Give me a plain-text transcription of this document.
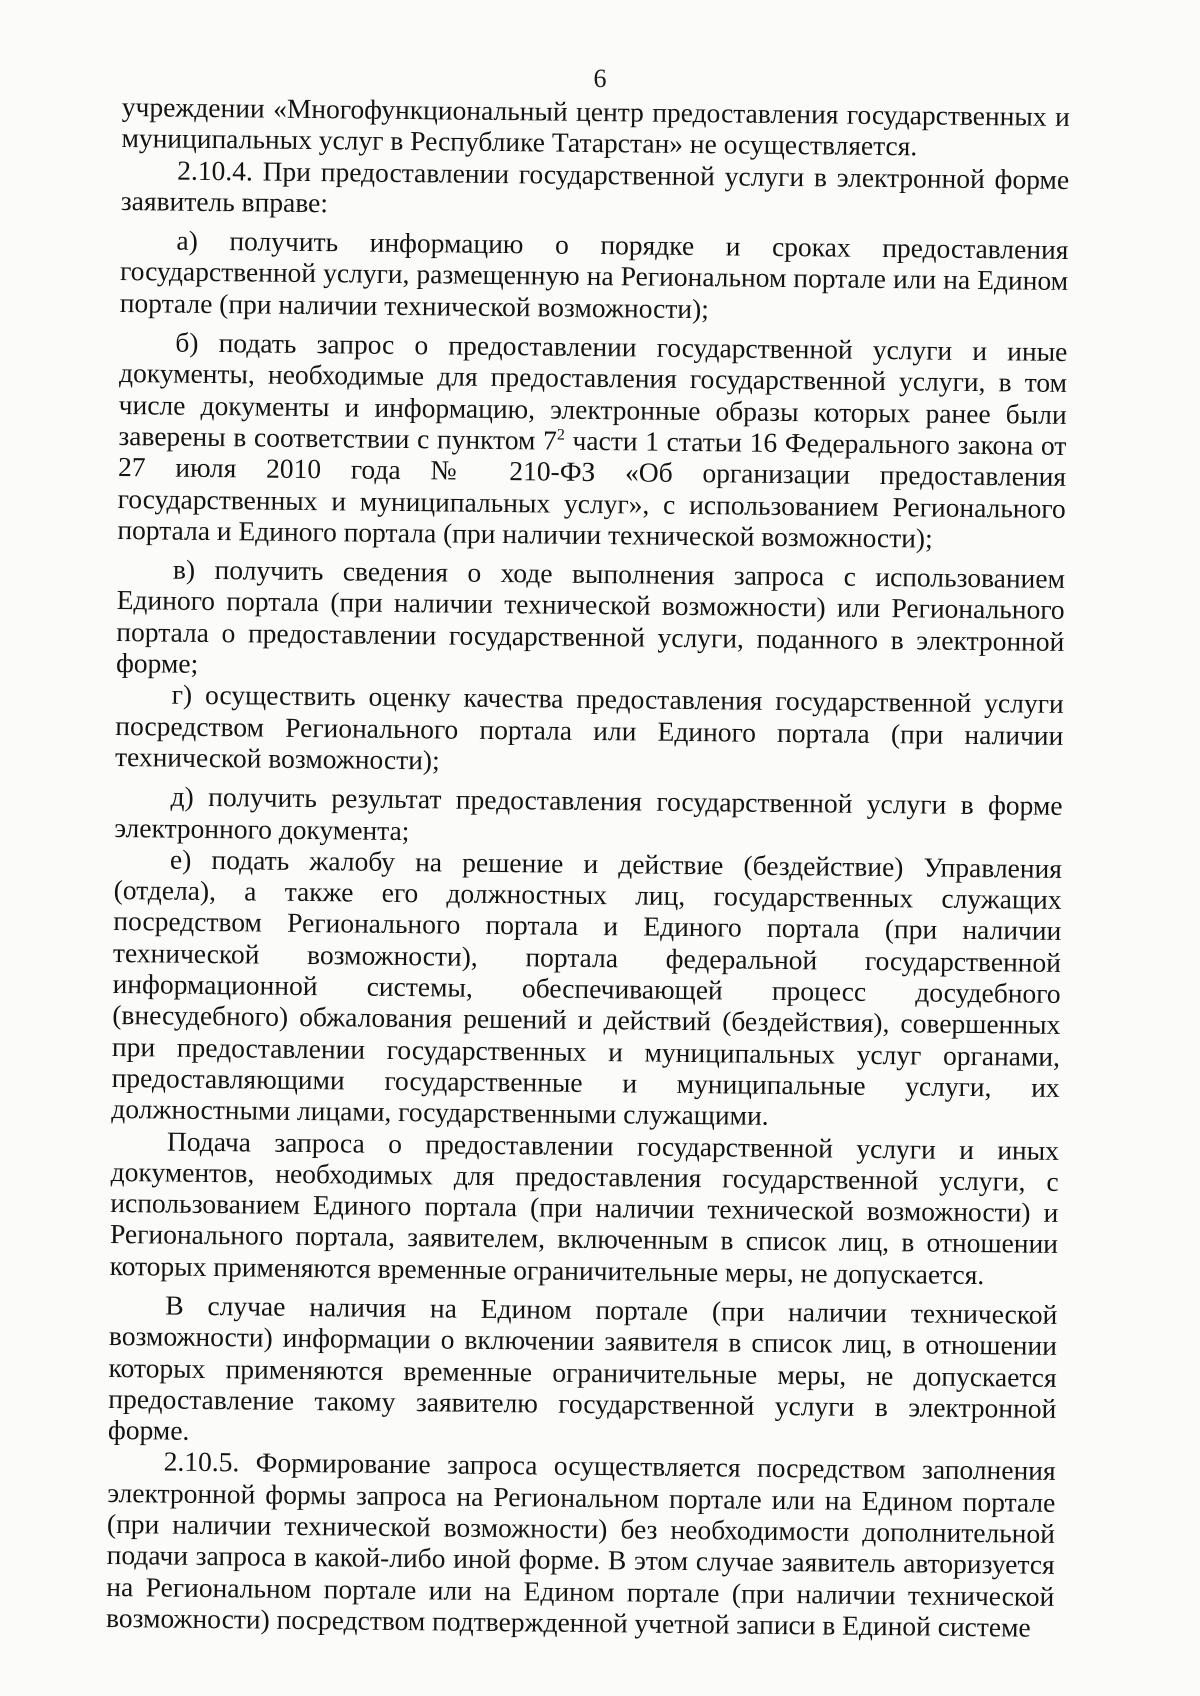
6

учреждении «Многофункциональный центр предоставления государственных и муниципальных услуг в Республике Татарстан» не осуществляется.

2.10.4. При предоставлении государственной услуги в электронной форме заявитель вправе:

а) получить информацию о порядке и сроках предоставления государственной услуги, размещенную на Региональном портале или на Едином портале (при наличии технической возможности);

б) подать запрос о предоставлении государственной услуги и иные документы, необходимые для предоставления государственной услуги, в том числе документы и информацию, электронные образы которых ранее были заверены в соответствии с пунктом $7^2$ части 1 статьи 16 Федерального закона от 27 июля 2010 года № 210-ФЗ «Об организации предоставления государственных и муниципальных услуг», с использованием Регионального портала и Единого портала (при наличии технической возможности);

в) получить сведения о ходе выполнения запроса с использованием Единого портала (при наличии технической возможности) или Регионального портала о предоставлении государственной услуги, поданного в электронной форме;

г) осуществить оценку качества предоставления государственной услуги посредством Регионального портала или Единого портала (при наличии технической возможности);

д) получить результат предоставления государственной услуги в форме электронного документа;

е) подать жалобу на решение и действие (бездействие) Управления (отдела), а также его должностных лиц, государственных служащих посредством Регионального портала и Единого портала (при наличии технической возможности), портала федеральной государственной информационной системы, обеспечивающей процесс досудебного (внесудебного) обжалования решений и действий (бездействия), совершенных при предоставлении государственных и муниципальных услуг органами, предоставляющими государственные и муниципальные услуги, их должностными лицами, государственными служащими.

Подача запроса о предоставлении государственной услуги и иных документов, необходимых для предоставления государственной услуги, с использованием Единого портала (при наличии технической возможности) и Регионального портала, заявителем, включенным в список лиц, в отношении которых применяются временные ограничительные меры, не допускается.

В случае наличия на Едином портале (при наличии технической возможности) информации о включении заявителя в список лиц, в отношении которых применяются временные ограничительные меры, не допускается предоставление такому заявителю государственной услуги в электронной форме.

2.10.5. Формирование запроса осуществляется посредством заполнения электронной формы запроса на Региональном портале или на Едином портале (при наличии технической возможности) без необходимости дополнительной подачи запроса в какой-либо иной форме. В этом случае заявитель авторизуется на Региональном портале или на Едином портале (при наличии технической возможности) посредством подтвержденной учетной записи в Единой системе
